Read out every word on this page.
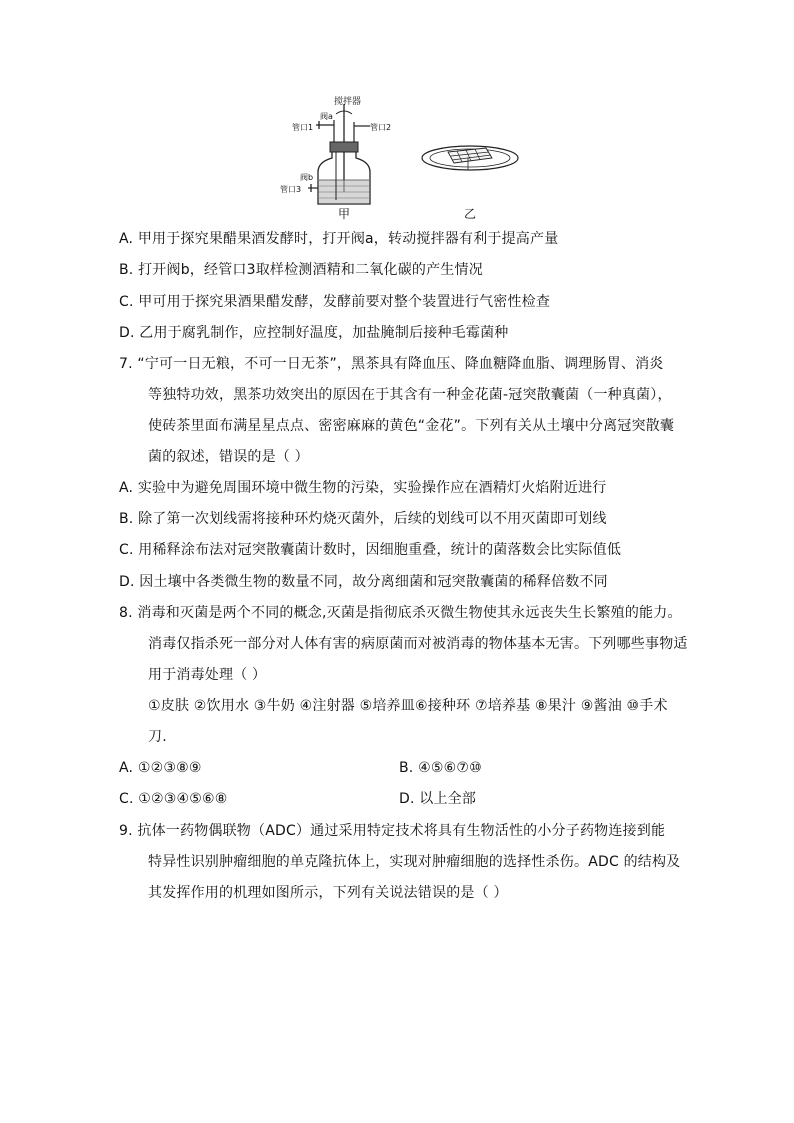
搅拌器
阀a
管口1	管口2
阀b
管口3
甲	乙
A. 甲用于探究果醋果酒发酵时，打开阀a，转动搅拌器有利于提高产量
B. 打开阀b，经管口3取样检测酒精和二氧化碳的产生情况
C. 甲可用于探究果酒果醋发酵，发酵前要对整个装置进行气密性检查
D. 乙用于腐乳制作，应控制好温度，加盐腌制后接种毛霉菌种
7. “宁可一日无粮，不可一日无茶”，黑茶具有降血压、降血糖降血脂、调理肠胃、消炎
等独特功效，黑茶功效突出的原因在于其含有一种金花菌-冠突散囊菌（一种真菌），
使砖茶里面布满星星点点、密密麻麻的黄色“金花”。下列有关从土壤中分离冠突散囊
菌的叙述，错误的是（ ）
A. 实验中为避免周围环境中微生物的污染，实验操作应在酒精灯火焰附近进行
B. 除了第一次划线需将接种环灼烧灭菌外，后续的划线可以不用灭菌即可划线
C. 用稀释涂布法对冠突散囊菌计数时，因细胞重叠，统计的菌落数会比实际值低
D. 因土壤中各类微生物的数量不同，故分离细菌和冠突散囊菌的稀释倍数不同
8. 消毒和灭菌是两个不同的概念,灭菌是指彻底杀灭微生物使其永远丧失生长繁殖的能力。
消毒仅指杀死一部分对人体有害的病原菌而对被消毒的物体基本无害。下列哪些事物适
用于消毒处理（ ）
①皮肤 ②饮用水 ③牛奶 ④注射器 ⑤培养皿⑥接种环 ⑦培养基 ⑧果汁 ⑨酱油 ⑩手术
刀.
A. ①②③⑧⑨	B. ④⑤⑥⑦⑩
C. ①②③④⑤⑥⑧	D. 以上全部
9. 抗体一药物偶联物（ADC）通过采用特定技术将具有生物活性的小分子药物连接到能
特异性识别肿瘤细胞的单克隆抗体上，实现对肿瘤细胞的选择性杀伤。ADC 的结构及
其发挥作用的机理如图所示，下列有关说法错误的是（ ）
